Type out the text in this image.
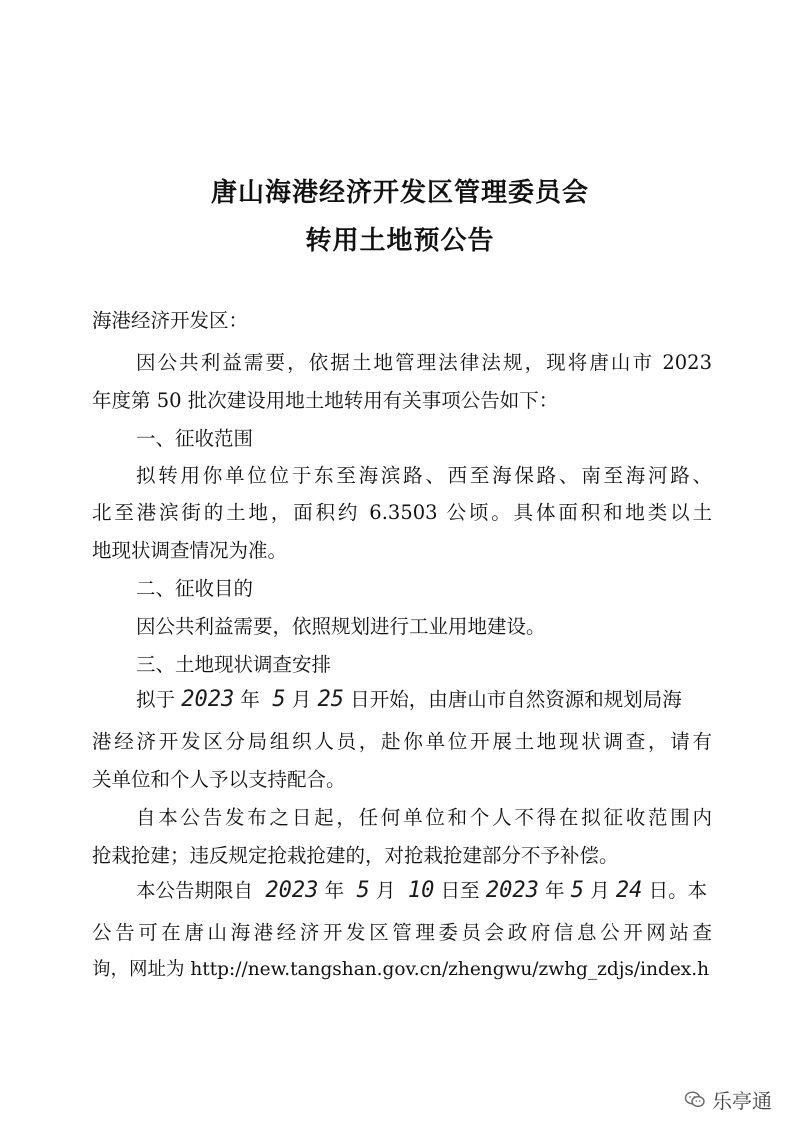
唐山海港经济开发区管理委员会
转用土地预公告
海港经济开发区：
因公共利益需要，依据土地管理法律法规，现将唐山市 2023
年度第 50 批次建设用地土地转用有关事项公告如下：
一、征收范围
拟转用你单位位于东至海滨路、西至海保路、南至海河路、
北至港滨街的土地，面积约 6.3503 公顷。具体面积和地类以土
地现状调查情况为准。
二、征收目的
因公共利益需要，依照规划进行工业用地建设。
三、土地现状调查安排
拟于 2023 年 5 月 25 日开始，由唐山市自然资源和规划局海
港经济开发区分局组织人员，赴你单位开展土地现状调查，请有
关单位和个人予以支持配合。
自本公告发布之日起，任何单位和个人不得在拟征收范围内
抢栽抢建；违反规定抢栽抢建的，对抢栽抢建部分不予补偿。
本公告期限自 2023 年 5 月 10 日至 2023 年 5 月 24 日。本
公告可在唐山海港经济开发区管理委员会政府信息公开网站查
询，网址为 http://new.tangshan.gov.cn/zhengwu/zwhg_zdjs/index.h
乐亭通
